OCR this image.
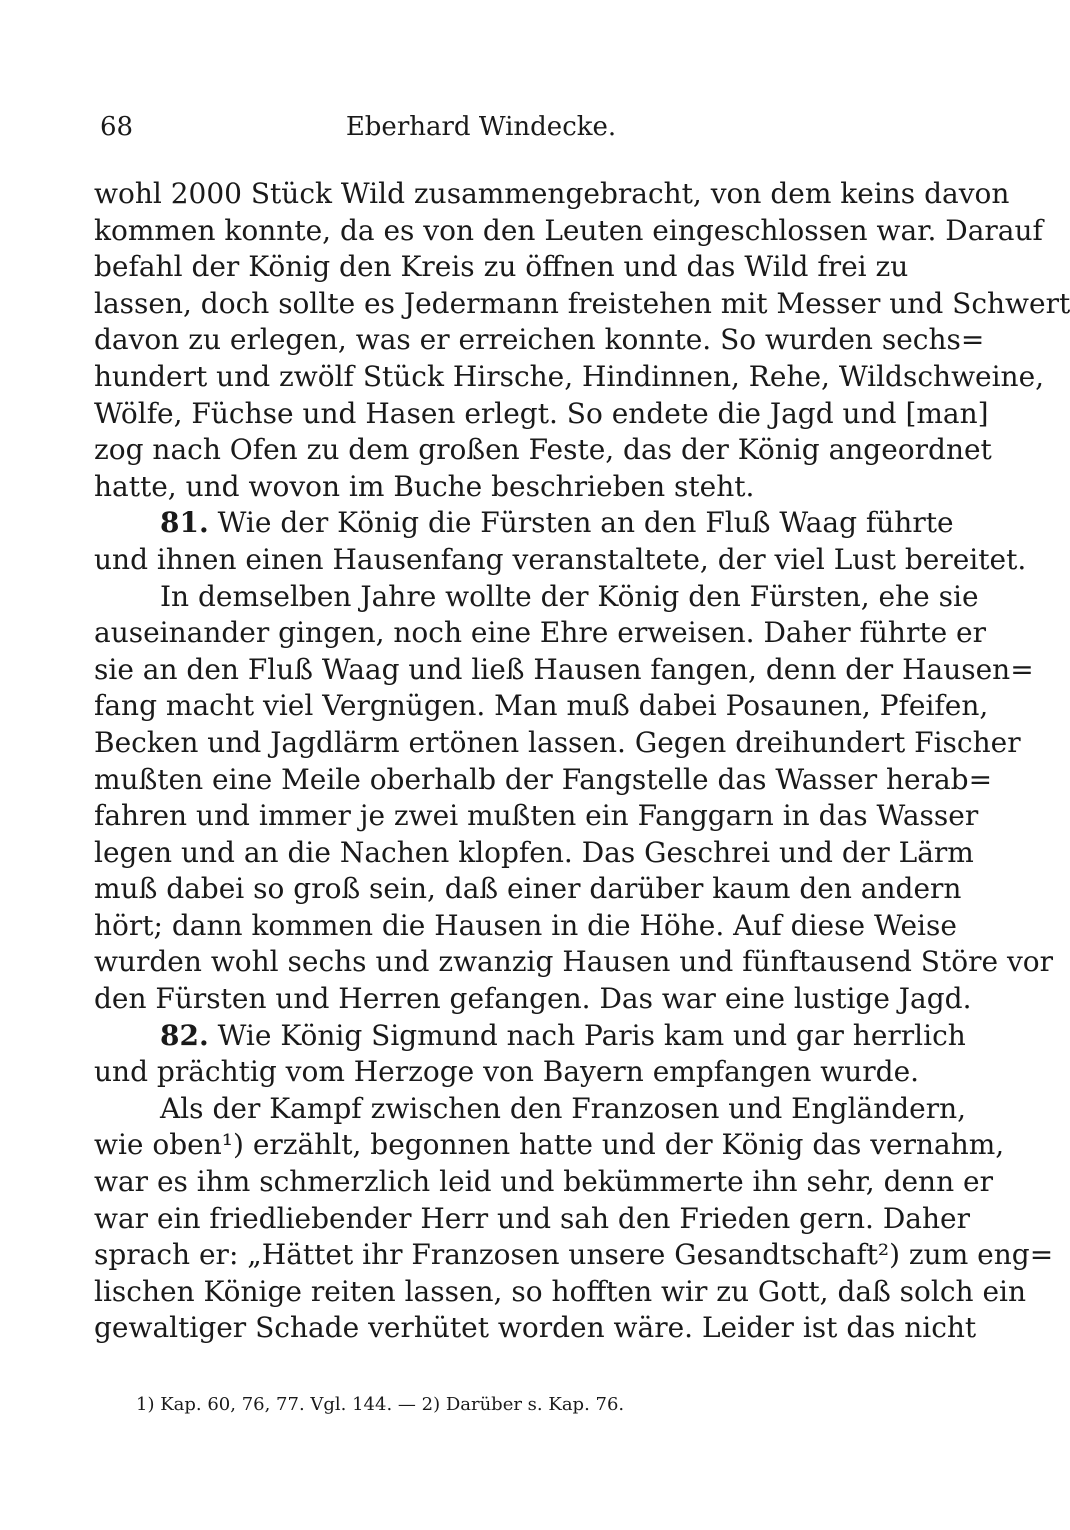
68	Eberhard Windecke.
wohl 2000 Stück Wild zusammengebracht, von dem keins davon
kommen konnte, da es von den Leuten eingeschlossen war. Darauf
befahl der König den Kreis zu öffnen und das Wild frei zu
lassen, doch sollte es Jedermann freistehen mit Messer und Schwert
davon zu erlegen, was er erreichen konnte. So wurden sechs=
hundert und zwölf Stück Hirsche, Hindinnen, Rehe, Wildschweine,
Wölfe, Füchse und Hasen erlegt. So endete die Jagd und [man]
zog nach Ofen zu dem großen Feste, das der König angeordnet
hatte, und wovon im Buche beschrieben steht.
81. Wie der König die Fürsten an den Fluß Waag führte
und ihnen einen Hausenfang veranstaltete, der viel Lust bereitet.
In demselben Jahre wollte der König den Fürsten, ehe sie
auseinander gingen, noch eine Ehre erweisen. Daher führte er
sie an den Fluß Waag und ließ Hausen fangen, denn der Hausen=
fang macht viel Vergnügen. Man muß dabei Posaunen, Pfeifen,
Becken und Jagdlärm ertönen lassen. Gegen dreihundert Fischer
mußten eine Meile oberhalb der Fangstelle das Wasser herab=
fahren und immer je zwei mußten ein Fanggarn in das Wasser
legen und an die Nachen klopfen. Das Geschrei und der Lärm
muß dabei so groß sein, daß einer darüber kaum den andern
hört; dann kommen die Hausen in die Höhe. Auf diese Weise
wurden wohl sechs und zwanzig Hausen und fünftausend Störe vor
den Fürsten und Herren gefangen. Das war eine lustige Jagd.
82. Wie König Sigmund nach Paris kam und gar herrlich
und prächtig vom Herzoge von Bayern empfangen wurde.
Als der Kampf zwischen den Franzosen und Engländern,
wie oben¹) erzählt, begonnen hatte und der König das vernahm,
war es ihm schmerzlich leid und bekümmerte ihn sehr, denn er
war ein friedliebender Herr und sah den Frieden gern. Daher
sprach er: „Hättet ihr Franzosen unsere Gesandtschaft²) zum eng=
lischen Könige reiten lassen, so hofften wir zu Gott, daß solch ein
gewaltiger Schade verhütet worden wäre. Leider ist das nicht
1) Kap. 60, 76, 77. Vgl. 144. — 2) Darüber s. Kap. 76.
